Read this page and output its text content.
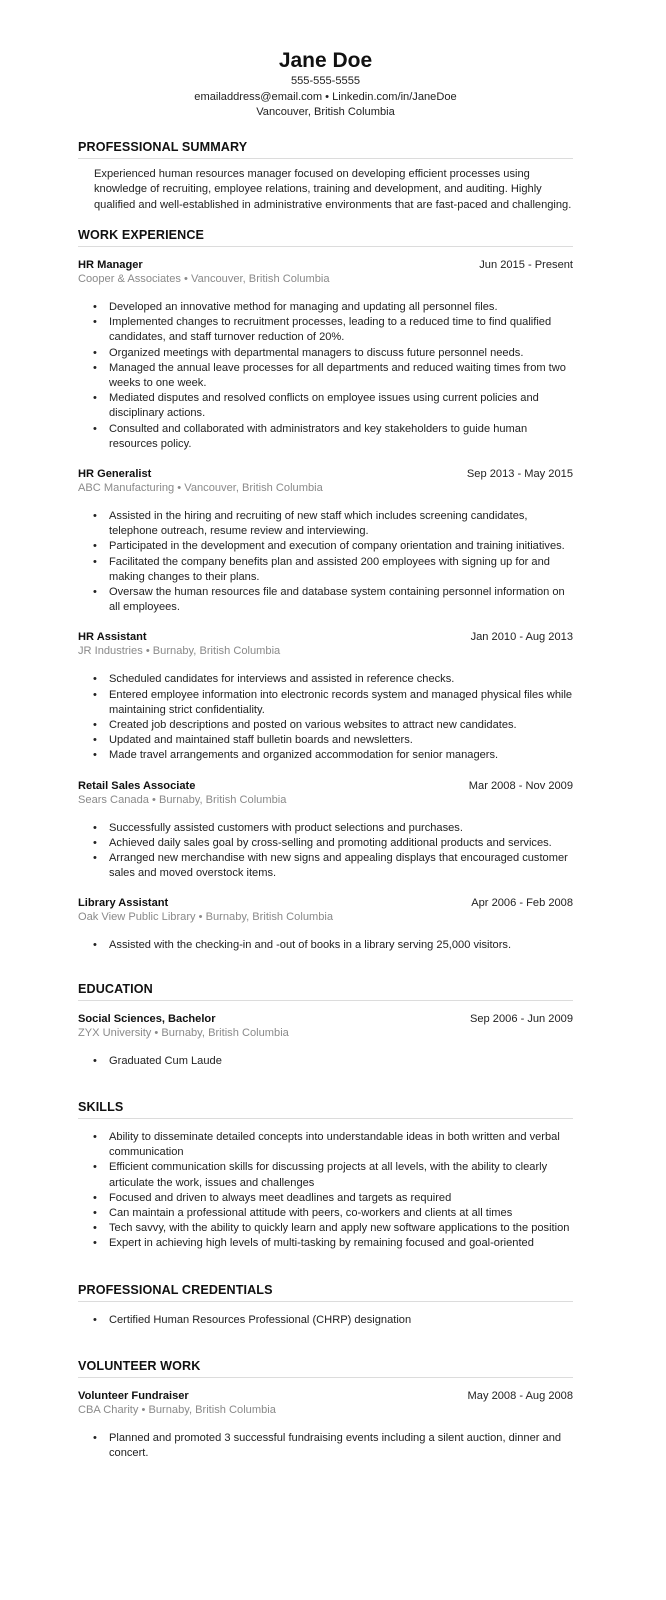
Jane Doe
555-555-5555
emailaddress@email.com • Linkedin.com/in/JaneDoe
Vancouver, British Columbia
PROFESSIONAL SUMMARY
Experienced human resources manager focused on developing efficient processes using knowledge of recruiting, employee relations, training and development, and auditing. Highly qualified and well-established in administrative environments that are fast-paced and challenging.
WORK EXPERIENCE
HR Manager	Jun 2015 - Present
Cooper & Associates • Vancouver, British Columbia
• Developed an innovative method for managing and updating all personnel files.
• Implemented changes to recruitment processes, leading to a reduced time to find qualified candidates, and staff turnover reduction of 20%.
• Organized meetings with departmental managers to discuss future personnel needs.
• Managed the annual leave processes for all departments and reduced waiting times from two weeks to one week.
• Mediated disputes and resolved conflicts on employee issues using current policies and disciplinary actions.
• Consulted and collaborated with administrators and key stakeholders to guide human resources policy.
HR Generalist	Sep 2013 - May 2015
ABC Manufacturing • Vancouver, British Columbia
• Assisted in the hiring and recruiting of new staff which includes screening candidates, telephone outreach, resume review and interviewing.
• Participated in the development and execution of company orientation and training initiatives.
• Facilitated the company benefits plan and assisted 200 employees with signing up for and making changes to their plans.
• Oversaw the human resources file and database system containing personnel information on all employees.
HR Assistant	Jan 2010 - Aug 2013
JR Industries • Burnaby, British Columbia
• Scheduled candidates for interviews and assisted in reference checks.
• Entered employee information into electronic records system and managed physical files while maintaining strict confidentiality.
• Created job descriptions and posted on various websites to attract new candidates.
• Updated and maintained staff bulletin boards and newsletters.
• Made travel arrangements and organized accommodation for senior managers.
Retail Sales Associate	Mar 2008 - Nov 2009
Sears Canada • Burnaby, British Columbia
• Successfully assisted customers with product selections and purchases.
• Achieved daily sales goal by cross-selling and promoting additional products and services.
• Arranged new merchandise with new signs and appealing displays that encouraged customer sales and moved overstock items.
Library Assistant	Apr 2006 - Feb 2008
Oak View Public Library • Burnaby, British Columbia
• Assisted with the checking-in and -out of books in a library serving 25,000 visitors.
EDUCATION
Social Sciences, Bachelor	Sep 2006 - Jun 2009
ZYX University • Burnaby, British Columbia
• Graduated Cum Laude
SKILLS
• Ability to disseminate detailed concepts into understandable ideas in both written and verbal communication
• Efficient communication skills for discussing projects at all levels, with the ability to clearly articulate the work, issues and challenges
• Focused and driven to always meet deadlines and targets as required
• Can maintain a professional attitude with peers, co-workers and clients at all times
• Tech savvy, with the ability to quickly learn and apply new software applications to the position
• Expert in achieving high levels of multi-tasking by remaining focused and goal-oriented
PROFESSIONAL CREDENTIALS
• Certified Human Resources Professional (CHRP) designation
VOLUNTEER WORK
Volunteer Fundraiser	May 2008 - Aug 2008
CBA Charity • Burnaby, British Columbia
• Planned and promoted 3 successful fundraising events including a silent auction, dinner and concert.
